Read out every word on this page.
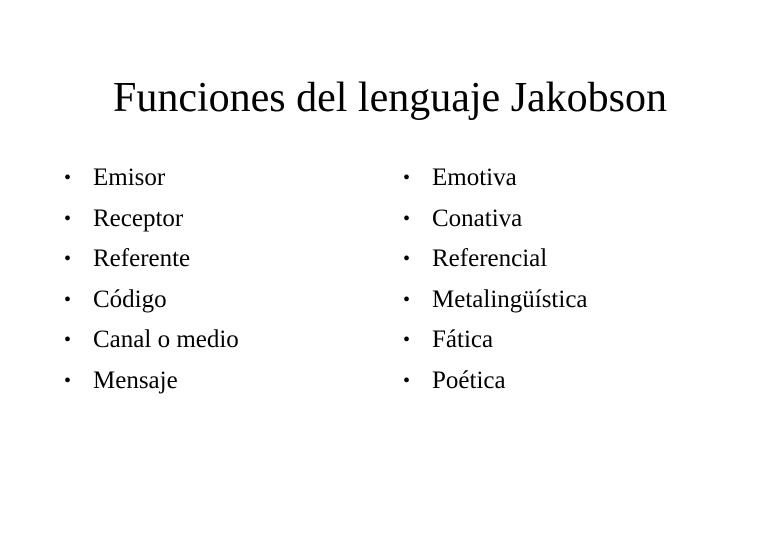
Funciones del lenguaje Jakobson
• Emisor
• Receptor
• Referente
• Código
• Canal o medio
• Mensaje
• Emotiva
• Conativa
• Referencial
• Metalingüística
• Fática
• Poética
